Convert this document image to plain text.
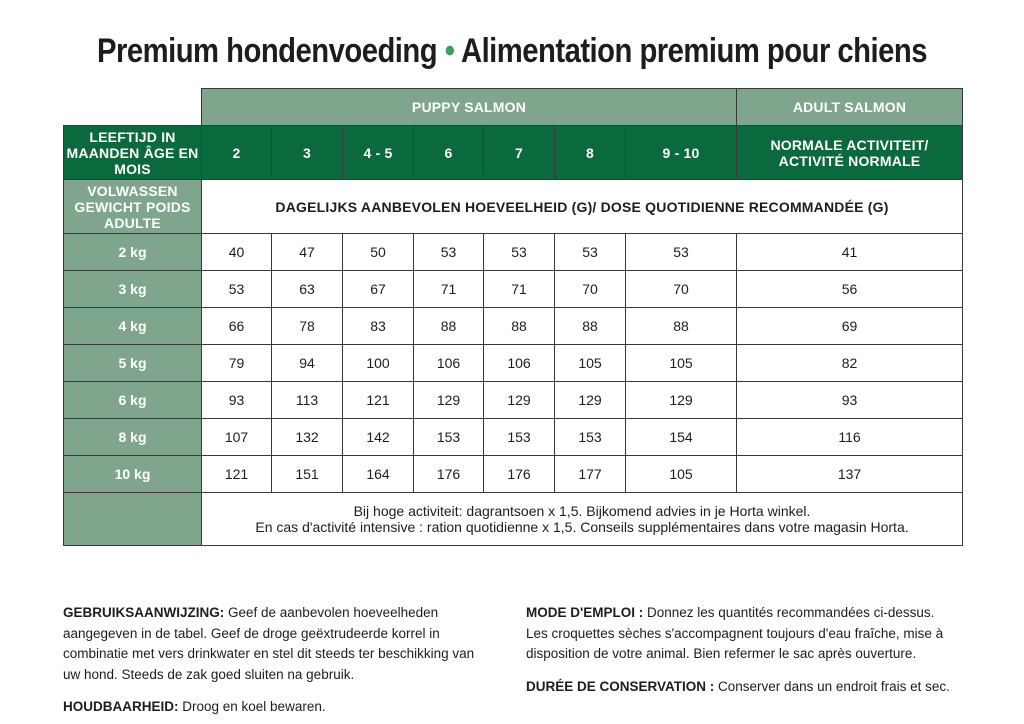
Premium hondenvoeding • Alimentation premium pour chiens
	PUPPY SALMON							ADULT SALMON
LEEFTIJD IN MAANDEN ÂGE EN MOIS	2	3	4 - 5	6	7	8	9 - 10	NORMALE ACTIVITEIT/ ACTIVITÉ NORMALE
VOLWASSEN GEWICHT POIDS ADULTE	DAGELIJKS AANBEVOLEN HOEVEELHEID (G)/ DOSE QUOTIDIENNE RECOMMANDÉE (G)							
2 kg	40	47	50	53	53	53	53	41
3 kg	53	63	67	71	71	70	70	56
4 kg	66	78	83	88	88	88	88	69
5 kg	79	94	100	106	106	105	105	82
6 kg	93	113	121	129	129	129	129	93
8 kg	107	132	142	153	153	153	154	116
10 kg	121	151	164	176	176	177	105	137

	Bij hoge activiteit: dagrantsoen x 1,5. Bijkomend advies in je Horta winkel.
En cas d'activité intensive : ration quotidienne x 1,5. Conseils supplémentaires dans votre magasin Horta.							

GEBRUIKSAANWIJZING: Geef de aanbevolen hoeveelheden aangegeven in de tabel. Geef de droge geëxtrudeerde korrel in combinatie met vers drinkwater en stel dit steeds ter beschikking van uw hond. Steeds de zak goed sluiten na gebruik.

HOUDBAARHEID: Droog en koel bewaren.

MODE D'EMPLOI : Donnez les quantités recommandées ci-dessus. Les croquettes sèches s'accompagnent toujours d'eau fraîche, mise à disposition de votre animal. Bien refermer le sac après ouverture.

DURÉE DE CONSERVATION : Conserver dans un endroit frais et sec.
